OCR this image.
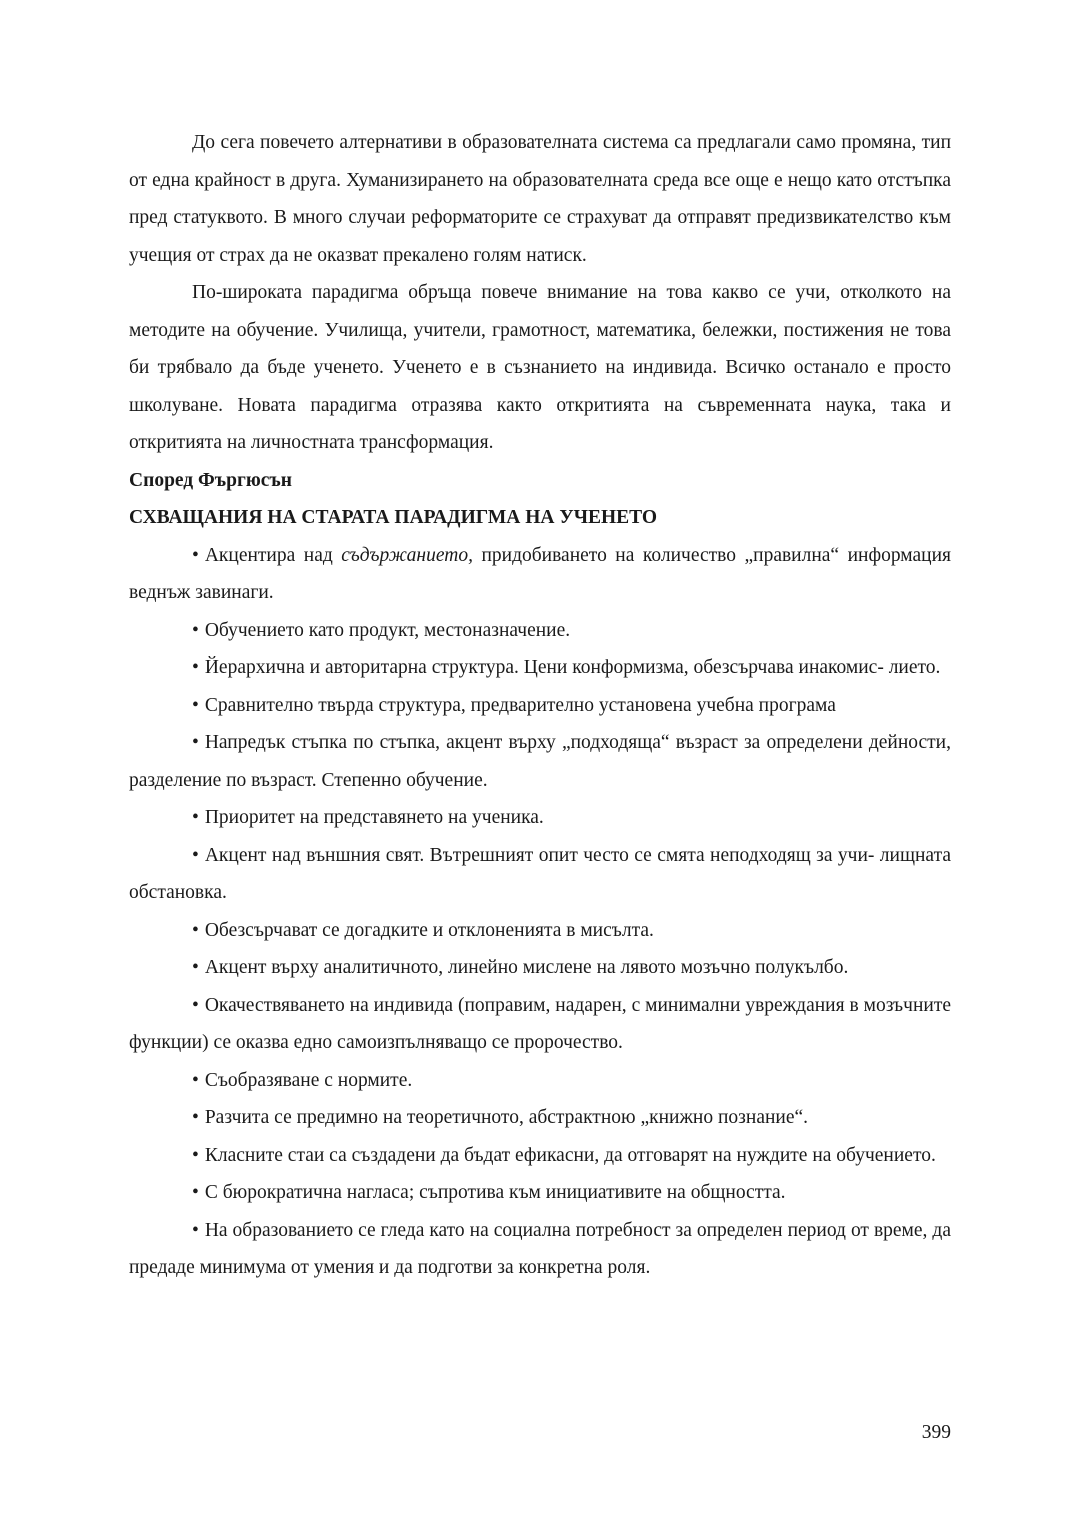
До сега повечето алтернативи в образователната система са предлагали само промяна, тип от една крайност в друга. Хуманизирането на образователната среда все още е нещо като отстъпка пред статуквото. В много случаи реформаторите се страхуват да отправят предизвикателство към учещия от страх да не оказват прекалено голям натиск.

По-широката парадигма обръща повече внимание на това какво се учи, отколкото на методите на обучение. Училища, учители, грамотност, математика, бележки, постижения не това би трябвало да бъде ученето. Ученето е в съзнанието на индивида. Всичко останало е просто школуване. Новата парадигма отразява както откритията на съвременната наука, така и откритията на личностната трансформация.

Според Фъргюсън

СХВАЩАНИЯ НА СТАРАТА ПАРАДИГМА НА УЧЕНЕТО

• Акцентира над съдържанието, придобиването на количество „правилна“ информация веднъж завинаги.

• Обучението като продукт, местоназначение.

• Йерархична и авторитарна структура. Цени конформизма, обезсърчава инакомис- лието.

• Сравнително твърда структура, предварително установена учебна програма

• Напредък стъпка по стъпка, акцент върху „подходяща“ възраст за определени дейности, разделение по възраст. Степенно обучение.

• Приоритет на представянето на ученика.

• Акцент над външния свят. Вътрешният опит често се смята неподходящ за учи- лищната обстановка.

• Обезсърчават се догадките и отклоненията в мисълта.

• Акцент върху аналитичното, линейно мислене на лявото мозъчно полукълбо.

• Окачествяването на индивида (поправим, надарен, с минимални увреждания в мозъчните функции) се оказва едно самоизпълняващо се пророчество.

• Съобразяване с нормите.

• Разчита се предимно на теоретичното, абстрактною „книжно познание“.

• Класните стаи са създадени да бъдат ефикасни, да отговарят на нуждите на обучението.

• С бюрократична нагласа; съпротива към инициативите на общността.

• На образованието се гледа като на социална потребност за определен период от време, да предаде минимума от умения и да подготви за конкретна роля.

399
